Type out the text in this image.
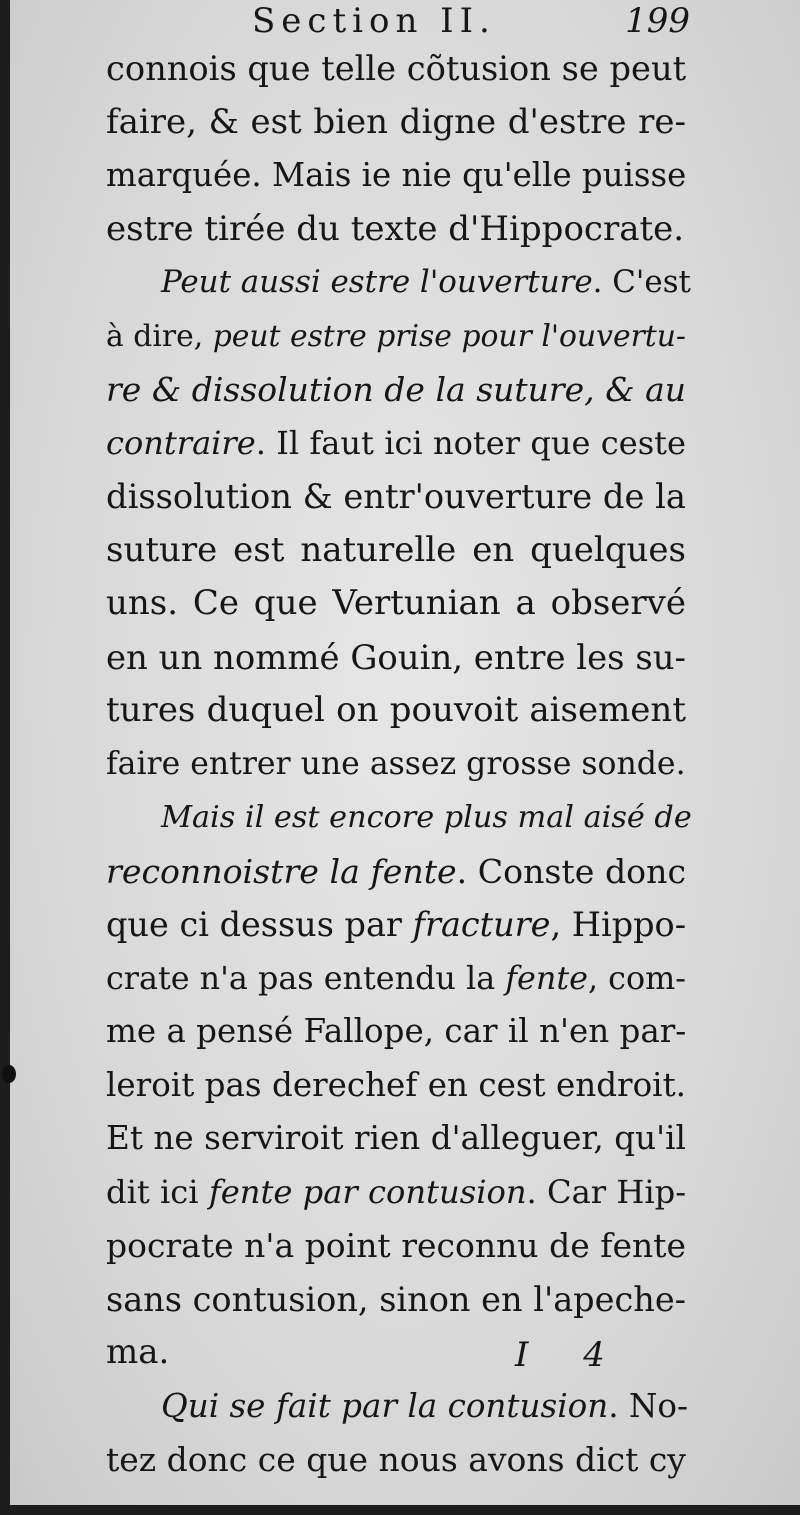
Section II.	199
connois que telle cõtusion se peut
faire, & est bien digne d'estre re-
marquée. Mais ie nie qu'elle puisse
estre tirée du texte d'Hippocrate.
Peut aussi estre l'ouverture. C'est
à dire, peut estre prise pour l'ouvertu-
re & dissolution de la suture, & au
contraire. Il faut ici noter que ceste
dissolution & entr'ouverture de la
suture est naturelle en quelques
uns. Ce que Vertunian a observé
en un nommé Gouin, entre les su-
tures duquel on pouvoit aisement
faire entrer une assez grosse sonde.
Mais il est encore plus mal aisé de
reconnoistre la fente. Conste donc
que ci dessus par fracture, Hippo-
crate n'a pas entendu la fente, com-
me a pensé Fallope, car il n'en par-
leroit pas derechef en cest endroit.
Et ne serviroit rien d'alleguer, qu'il
dit ici fente par contusion. Car Hip-
pocrate n'a point reconnu de fente
sans contusion, sinon en l'apeche-
ma.
Qui se fait par la contusion. No-
tez donc ce que nous avons dict cy
I 4
